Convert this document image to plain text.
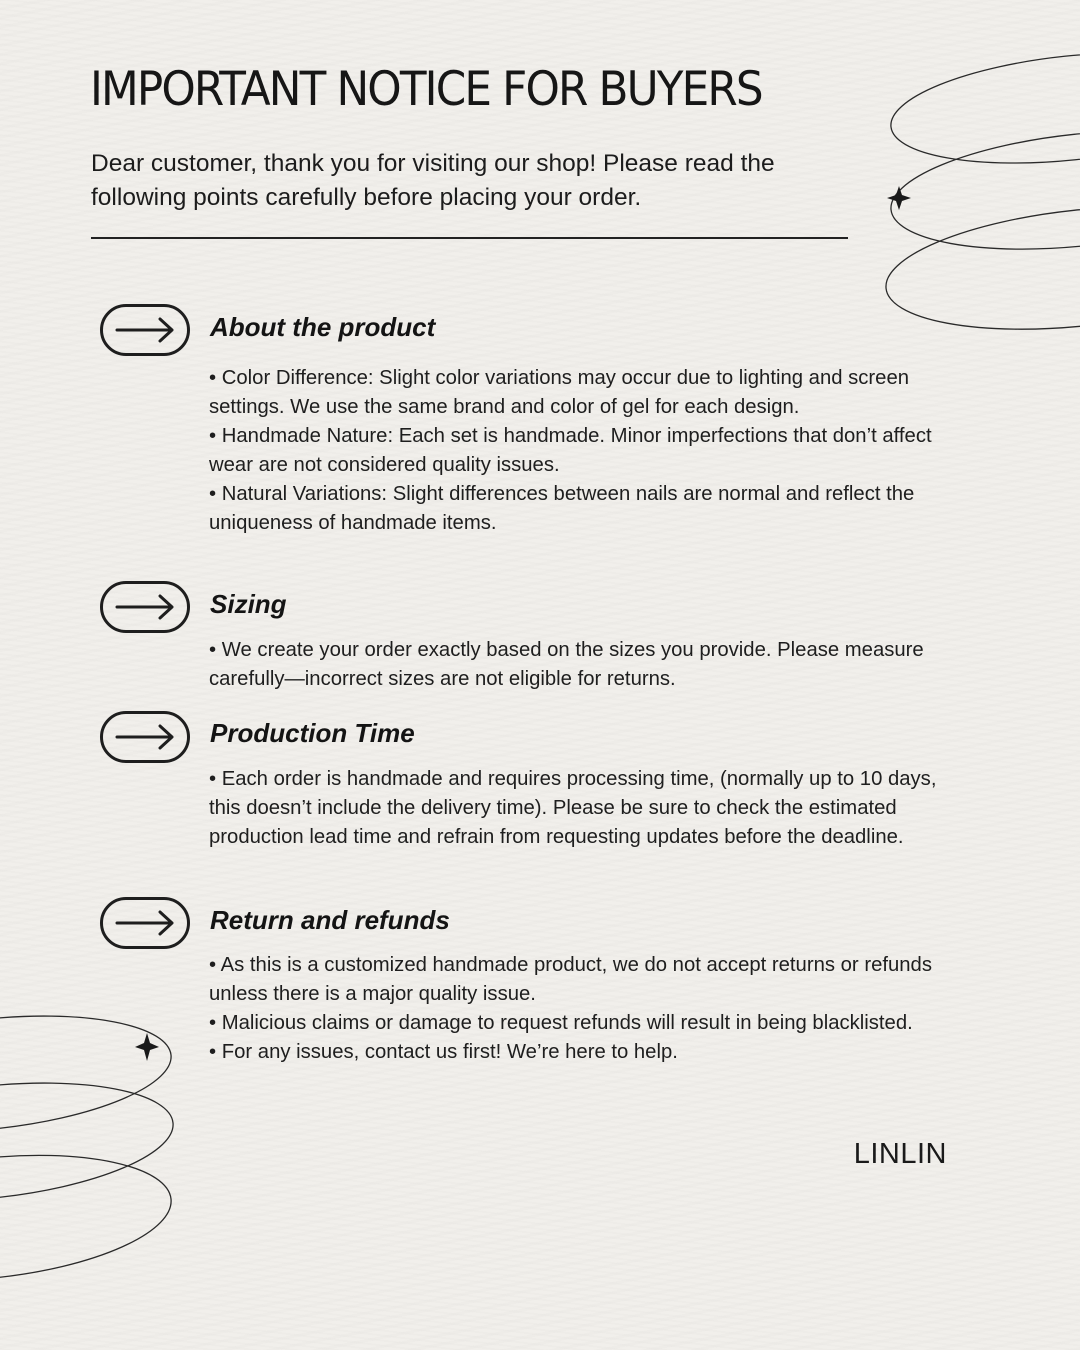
IMPORTANT NOTICE FOR BUYERS

Dear customer, thank you for visiting our shop! Please read the following points carefully before placing your order.

About the product

• Color Difference: Slight color variations may occur due to lighting and screen settings. We use the same brand and color of gel for each design.

• Handmade Nature: Each set is handmade. Minor imperfections that don’t affect wear are not considered quality issues.

• Natural Variations: Slight differences between nails are normal and reflect the uniqueness of handmade items.

Sizing

• We create your order exactly based on the sizes you provide. Please measure carefully—incorrect sizes are not eligible for returns.

Production Time

• Each order is handmade and requires processing time, (normally up to 10 days, this doesn’t include the delivery time). Please be sure to check the estimated production lead time and refrain from requesting updates before the deadline.

Return and refunds

• As this is a customized handmade product, we do not accept returns or refunds unless there is a major quality issue.

• Malicious claims or damage to request refunds will result in being blacklisted.

• For any issues, contact us first! We’re here to help.

LINLIN
